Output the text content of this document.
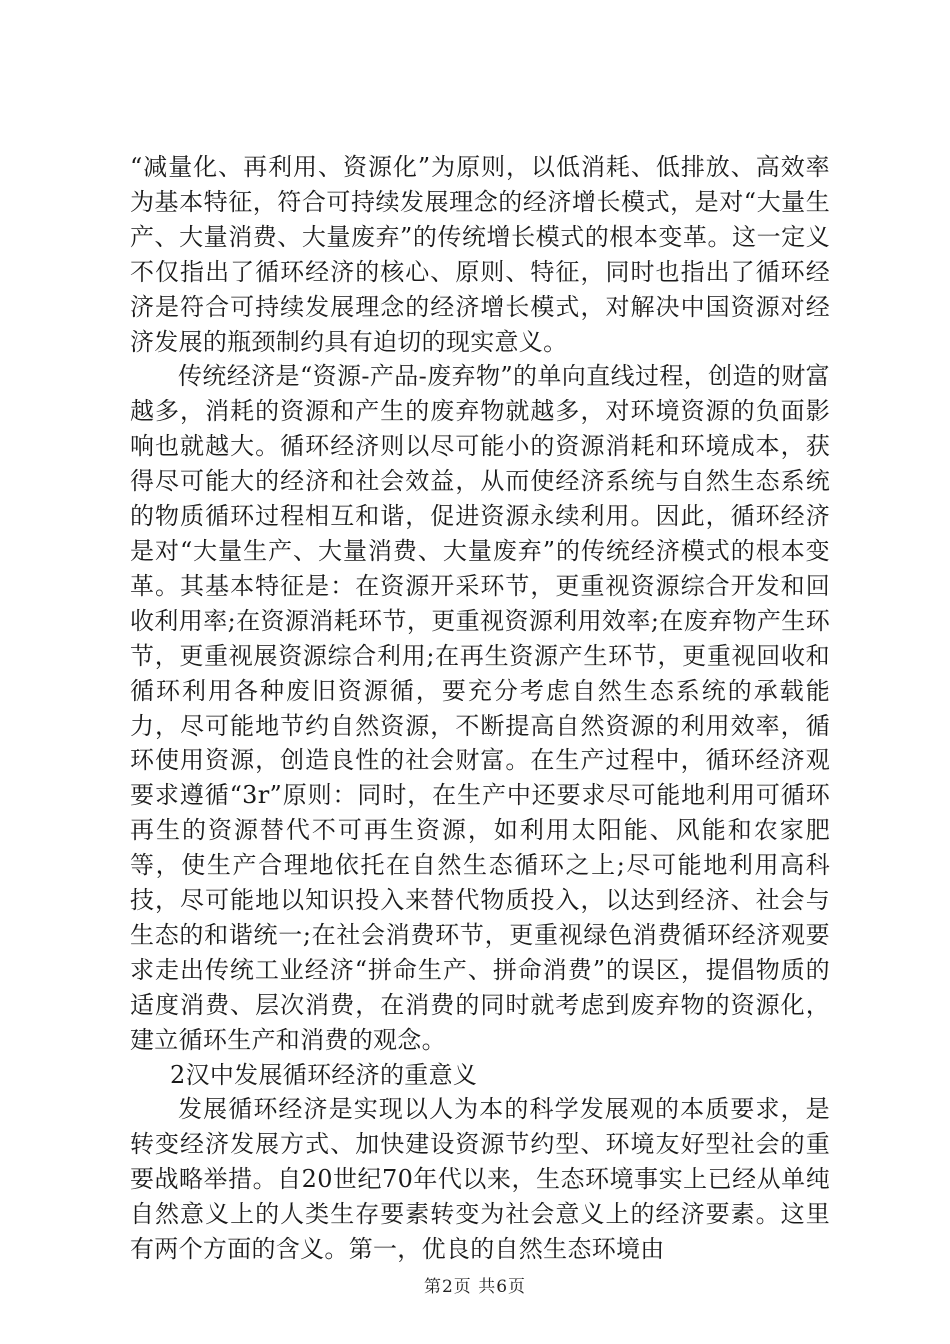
“减量化、再利用、资源化”为原则，以低消耗、低排放、高效率为基本特征，符合可持续发展理念的经济增长模式，是对“大量生产、大量消费、大量废弃”的传统增长模式的根本变革。这一定义不仅指出了循环经济的核心、原则、特征，同时也指出了循环经济是符合可持续发展理念的经济增长模式，对解决中国资源对经济发展的瓶颈制约具有迫切的现实意义。

传统经济是“资源-产品-废弃物”的单向直线过程，创造的财富越多，消耗的资源和产生的废弃物就越多，对环境资源的负面影响也就越大。循环经济则以尽可能小的资源消耗和环境成本，获得尽可能大的经济和社会效益，从而使经济系统与自然生态系统的物质循环过程相互和谐，促进资源永续利用。因此，循环经济是对“大量生产、大量消费、大量废弃”的传统经济模式的根本变革。其基本特征是：在资源开采环节，更重视资源综合开发和回收利用率;在资源消耗环节，更重视资源利用效率;在废弃物产生环节，更重视展资源综合利用;在再生资源产生环节，更重视回收和循环利用各种废旧资源循，要充分考虑自然生态系统的承载能力，尽可能地节约自然资源，不断提高自然资源的利用效率，循环使用资源，创造良性的社会财富。在生产过程中，循环经济观要求遵循“3r”原则：同时，在生产中还要求尽可能地利用可循环再生的资源替代不可再生资源，如利用太阳能、风能和农家肥等，使生产合理地依托在自然生态循环之上;尽可能地利用高科技，尽可能地以知识投入来替代物质投入，以达到经济、社会与生态的和谐统一;在社会消费环节，更重视绿色消费循环经济观要求走出传统工业经济“拼命生产、拼命消费”的误区，提倡物质的适度消费、层次消费，在消费的同时就考虑到废弃物的资源化，建立循环生产和消费的观念。

2汉中发展循环经济的重意义

发展循环经济是实现以人为本的科学发展观的本质要求，是转变经济发展方式、加快建设资源节约型、环境友好型社会的重要战略举措。自20世纪70年代以来，生态环境事实上已经从单纯自然意义上的人类生存要素转变为社会意义上的经济要素。这里有两个方面的含义。第一，优良的自然生态环境由

第2页 共6页
